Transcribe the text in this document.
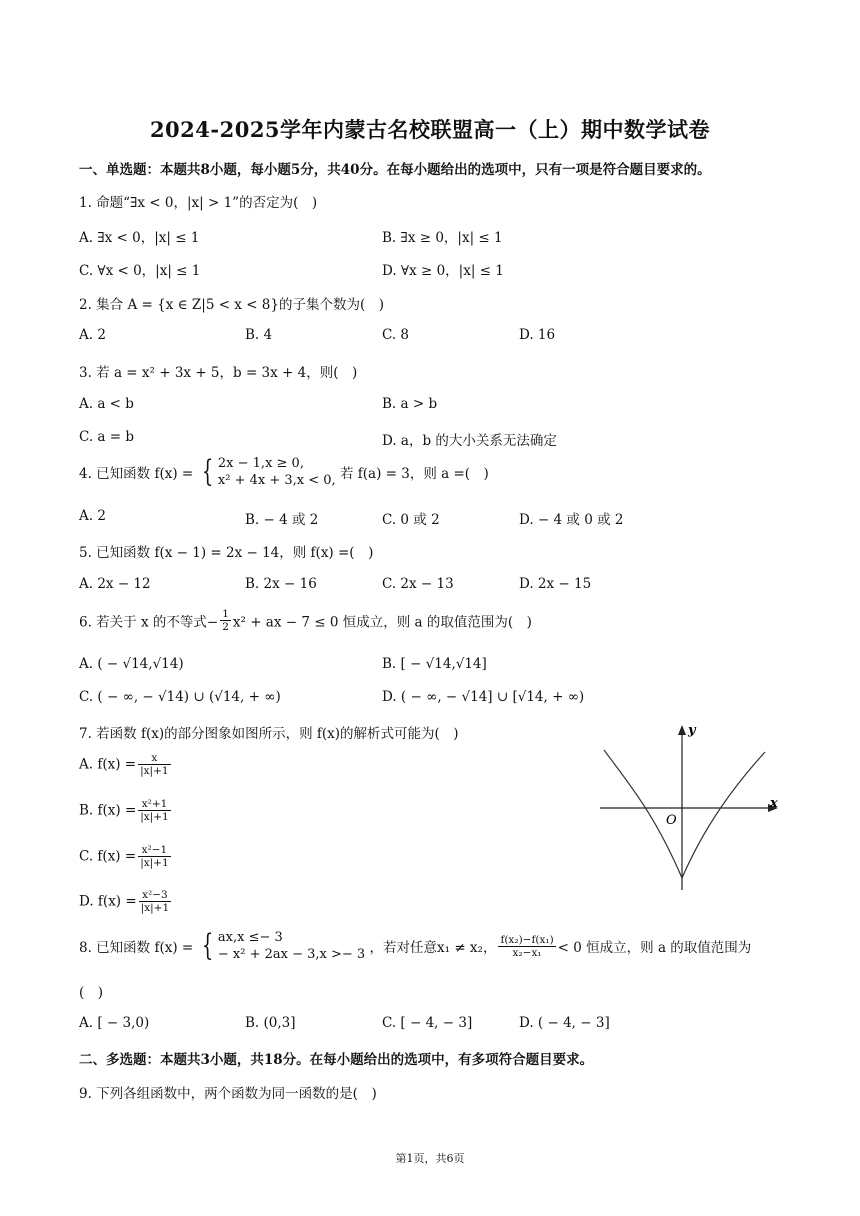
2024-2025学年内蒙古名校联盟高一（上）期中数学试卷
一、单选题：本题共8小题，每小题5分，共40分。在每小题给出的选项中，只有一项是符合题目要求的。
1. 命题“∃x < 0，|x| > 1”的否定为(　)
A. ∃x < 0，|x| ≤ 1	B. ∃x ≥ 0，|x| ≤ 1
C. ∀x < 0，|x| ≤ 1	D. ∀x ≥ 0，|x| ≤ 1
2. 集合 A = {x ∈ Z|5 < x < 8}的子集个数为(　)
A. 2	B. 4	C. 8	D. 16
3. 若 a = x² + 3x + 5，b = 3x + 4，则(　)
A. a < b	B. a > b
C. a = b	D. a，b 的大小关系无法确定
4. 已知函数 f(x) = { 2x − 1,x ≥ 0,
x² + 4x + 3,x < 0, 若 f(a) = 3，则 a =(　)
A. 2	B. − 4 或 2	C. 0 或 2	D. − 4 或 0 或 2
5. 已知函数 f(x − 1) = 2x − 14，则 f(x) =(　)
A. 2x − 12	B. 2x − 16	C. 2x − 13	D. 2x − 15
6. 若关于 x 的不等式− $\frac{1}{2} x^2$ + ax − 7 ≤ 0 恒成立，则 a 的取值范围为(　)
A. ( − √14,√14)	B. [ − √14,√14]
C. ( − ∞, − √14) ∪ (√14, + ∞)	D. ( − ∞, − √14] ∪ [√14, + ∞)
7. 若函数 f(x)的部分图象如图所示，则 f(x)的解析式可能为(　)
A. $f(x) = \frac{x}{|x|+1}$
B. $f(x) = \frac{\text{x²+1}}{|x|+1}$
C. $f(x) = \frac{\text{x²−1}}{|x|+1}$
D. $f(x) = \frac{\text{x²−3}}{|x|+1}$
y
x
O
8. 已知函数 f(x) = { ax,x ≤− 3
− x² + 2ax − 3,x >− 3 ，若对任意x₁ ≠ x₂， $\frac{\text{f(x₂)−f(x₁)}}{\text{x₂−x₁}} < 0$ 恒成立，则 a 的取值范围为
(　)
A. [ − 3,0)	B. (0,3]	C. [ − 4, − 3]	D. ( − 4, − 3]
二、多选题：本题共3小题，共18分。在每小题给出的选项中，有多项符合题目要求。
9. 下列各组函数中，两个函数为同一函数的是(　)
第1页，共6页
